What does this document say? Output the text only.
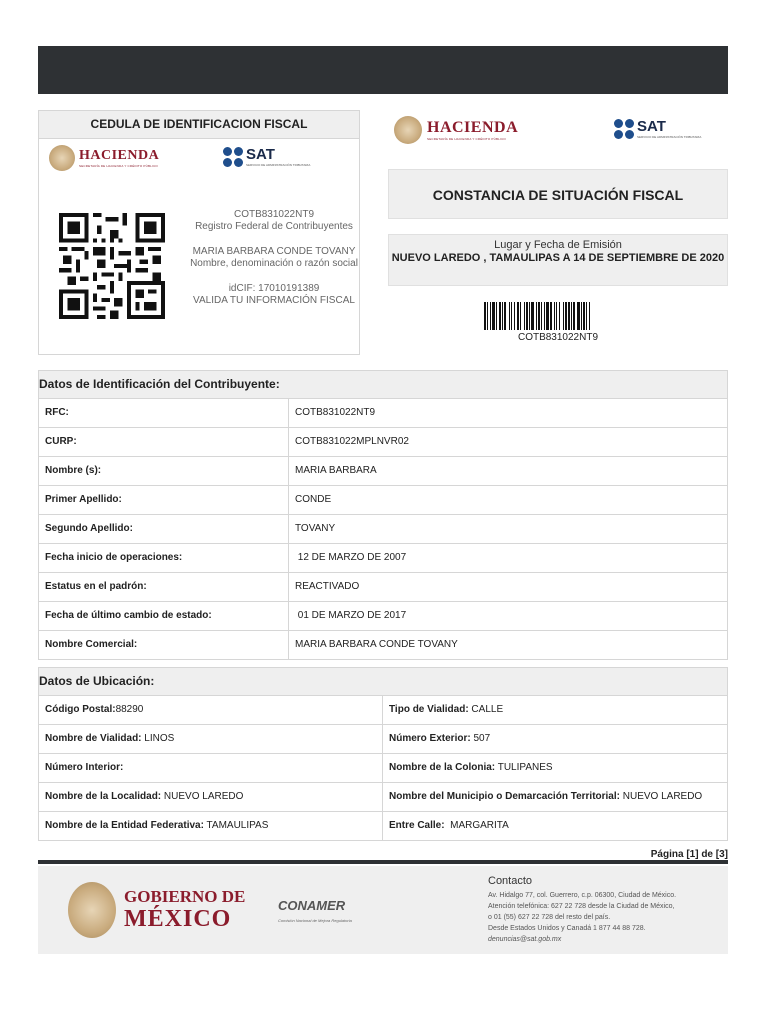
CEDULA DE IDENTIFICACION FISCAL
HACIENDA
SECRETARÍA DE HACIENDA Y CRÉDITO PÚBLICO
SAT
SERVICIO DE ADMINISTRACIÓN TRIBUTARIA

COTB831022NT9

Registro Federal de Contribuyentes

MARIA BARBARA CONDE TOVANY

Nombre, denominación o razón social

idCIF: 17010191389

VALIDA TU INFORMACIÓN FISCAL

HACIENDA
SECRETARÍA DE HACIENDA Y CRÉDITO PÚBLICO
SAT
SERVICIO DE ADMINISTRACIÓN TRIBUTARIA
CONSTANCIA DE SITUACIÓN FISCAL
Lugar y Fecha de Emisión
NUEVO LAREDO , TAMAULIPAS A 14 DE SEPTIEMBRE DE 2020
COTB831022NT9
Datos de Identificación del Contribuyente:
RFC:	COTB831022NT9
CURP:	COTB831022MPLNVR02
Nombre (s):	MARIA BARBARA
Primer Apellido:	CONDE
Segundo Apellido:	TOVANY
Fecha inicio de operaciones:	12 DE MARZO DE 2007
Estatus en el padrón:	REACTIVADO
Fecha de último cambio de estado:	01 DE MARZO DE 2017
Nombre Comercial:	MARIA BARBARA CONDE TOVANY
Datos de Ubicación:
Código Postal:88290	Tipo de Vialidad: CALLE
Nombre de Vialidad: LINOS	Número Exterior: 507
Número Interior:	Nombre de la Colonia: TULIPANES
Nombre de la Localidad: NUEVO LAREDO	Nombre del Municipio o Demarcación Territorial: NUEVO LAREDO
Nombre de la Entidad Federativa: TAMAULIPAS	Entre Calle:  MARGARITA
Página [1] de [3]
GOBIERNO DE
MÉXICO
CONAMER
Comisión Nacional de Mejora Regulatoria
Contacto

Av. Hidalgo 77, col. Guerrero, c.p. 06300, Ciudad de México.

Atención telefónica: 627 22 728 desde la Ciudad de México,

o 01 (55) 627 22 728 del resto del país.

Desde Estados Unidos y Canadá 1 877 44 88 728.

denuncias@sat.gob.mx
